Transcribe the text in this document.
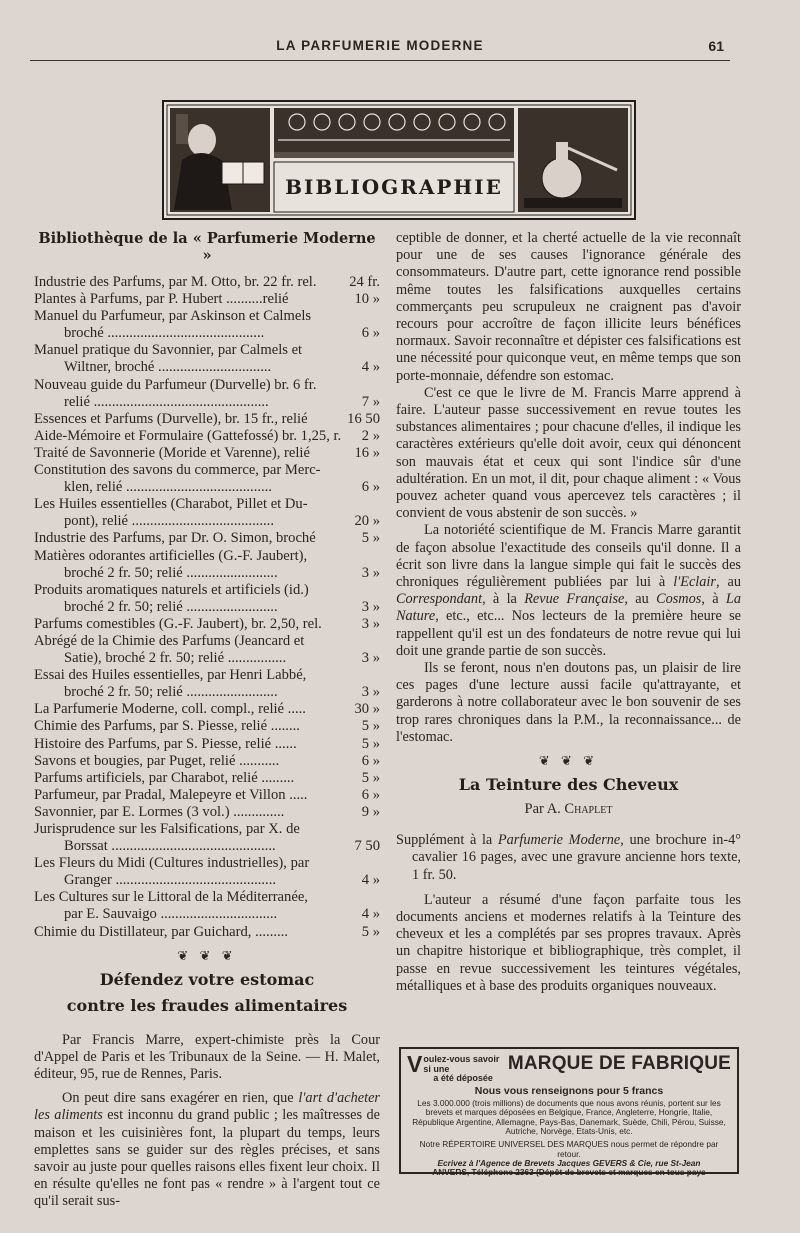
LA PARFUMERIE MODERNE	61
BIBLIOGRAPHIE
Bibliothèque de la « Parfumerie Moderne »
Industrie des Parfums, par M. Otto, br. 22 fr. rel.	24 fr.
Plantes à Parfums, par P. Hubert ..........relié	10 »
Manuel du Parfumeur, par Askinson et Calmels
broché ...........................................	6 »
Manuel pratique du Savonnier, par Calmels et
Wiltner, broché ...............................	4 »
Nouveau guide du Parfumeur (Durvelle) br. 6 fr.
relié ................................................	7 »
Essences et Parfums (Durvelle), br. 15 fr., relié	16 50
Aide-Mémoire et Formulaire (Gattefossé) br. 1,25, r.	2 »
Traité de Savonnerie (Moride et Varenne), relié	16 »
Constitution des savons du commerce, par Merc-
klen, relié ........................................	6 »
Les Huiles essentielles (Charabot, Pillet et Du-
pont), relié .......................................	20 »
Industrie des Parfums, par Dr. O. Simon, broché	5 »
Matières odorantes artificielles (G.-F. Jaubert),
broché 2 fr. 50; relié .........................	3 »
Produits aromatiques naturels et artificiels (id.)
broché 2 fr. 50; relié .........................	3 »
Parfums comestibles (G.-F. Jaubert), br. 2,50, rel.	3 »
Abrégé de la Chimie des Parfums (Jeancard et
Satie), broché 2 fr. 50; relié ................	3 »
Essai des Huiles essentielles, par Henri Labbé,
broché 2 fr. 50; relié .........................	3 »
La Parfumerie Moderne, coll. compl., relié .....	30 »
Chimie des Parfums, par S. Piesse, relié ........	5 »
Histoire des Parfums, par S. Piesse, relié ......	5 »
Savons et bougies, par Puget, relié ...........	6 »
Parfums artificiels, par Charabot, relié .........	5 »
Parfumeur, par Pradal, Malepeyre et Villon .....	6 »
Savonnier, par E. Lormes (3 vol.) ..............	9 »
Jurisprudence sur les Falsifications, par X. de
Borssat .............................................	7 50
Les Fleurs du Midi (Cultures industrielles), par
Granger ............................................	4 »
Les Cultures sur le Littoral de la Méditerranée,
par E. Sauvaigo ................................	4 »
Chimie du Distillateur, par Guichard, .........	5 »
❦ ❦ ❦
Défendez votre estomac
contre les fraudes alimentaires

Par Francis Marre, expert-chimiste près la Cour d'Appel de Paris et les Tribunaux de la Seine. — H. Malet, éditeur, 95, rue de Rennes, Paris.

On peut dire sans exagérer en rien, que l'art d'acheter les aliments est inconnu du grand public ; les maîtresses de maison et les cuisinières font, la plupart du temps, leurs emplettes sans se guider sur des règles précises, et sans savoir au juste pour quelles raisons elles fixent leur choix. Il en résulte qu'elles ne font pas « rendre » à l'argent tout ce qu'il serait sus-

ceptible de donner, et la cherté actuelle de la vie reconnaît pour une de ses causes l'ignorance générale des consommateurs. D'autre part, cette ignorance rend possible même toutes les falsifications auxquelles certains commerçants peu scrupuleux ne craignent pas d'avoir recours pour accroître de façon illicite leurs bénéfices normaux. Savoir reconnaître et dépister ces falsifications est une nécessité pour quiconque veut, en même temps que son porte-monnaie, défendre son estomac.

C'est ce que le livre de M. Francis Marre apprend à faire. L'auteur passe successivement en revue toutes les substances alimentaires ; pour chacune d'elles, il indique les caractères extérieurs qu'elle doit avoir, ceux qui dénoncent son mauvais état et ceux qui sont l'indice sûr d'une adultération. En un mot, il dit, pour chaque aliment : « Vous pouvez acheter quand vous apercevez tels caractères ; il convient de vous abstenir de son succès. »

La notoriété scientifique de M. Francis Marre garantit de façon absolue l'exactitude des conseils qu'il donne. Il a écrit son livre dans la langue simple qui fait le succès des chroniques régulièrement publiées par lui à l'Eclair, au Correspondant, à la Revue Française, au Cosmos, à La Nature, etc., etc... Nos lecteurs de la première heure se rappellent qu'il est un des fondateurs de notre revue qui lui doit une grande partie de son succès.

Ils se feront, nous n'en doutons pas, un plaisir de lire ces pages d'une lecture aussi facile qu'attrayante, et garderons à notre collaborateur avec le bon souvenir de ses trop rares chroniques dans la P.M., la reconnaissance... de l'estomac.

❦ ❦ ❦
La Teinture des Cheveux
Par A. Chaplet

Supplément à la Parfumerie Moderne, une brochure in-4° cavalier 16 pages, avec une gravure ancienne hors texte, 1 fr. 50.

L'auteur a résumé d'une façon parfaite tous les documents anciens et modernes relatifs à la Teinture des cheveux et les a complétés par ses propres travaux. Après un chapitre historique et bibliographique, très complet, il passe en revue successivement les teintures végétales, métalliques et à base des produits organiques nouveaux.

V oulez-vous savoir si une
a été déposée
MARQUE DE FABRIQUE
Nous vous renseignons pour 5 francs
Les 3.000.000 (trois millions) de documents que nous avons réunis, portent sur les brevets et marques déposées en Belgique, France, Angleterre, Hongrie, Italie, République Argentine, Allemagne, Pays-Bas, Danemark, Suède, Chili, Pérou, Suisse, Autriche, Norvège, Etats-Unis, etc.
Notre RÉPERTOIRE UNIVERSEL DES MARQUES nous permet de répondre par retour.
Ecrivez à l'Agence de Brevets Jacques GEVERS & Cie, rue St-Jean
ANVERS, Téléphone 2363 (Dépôt de brevets et marques en tous pays
